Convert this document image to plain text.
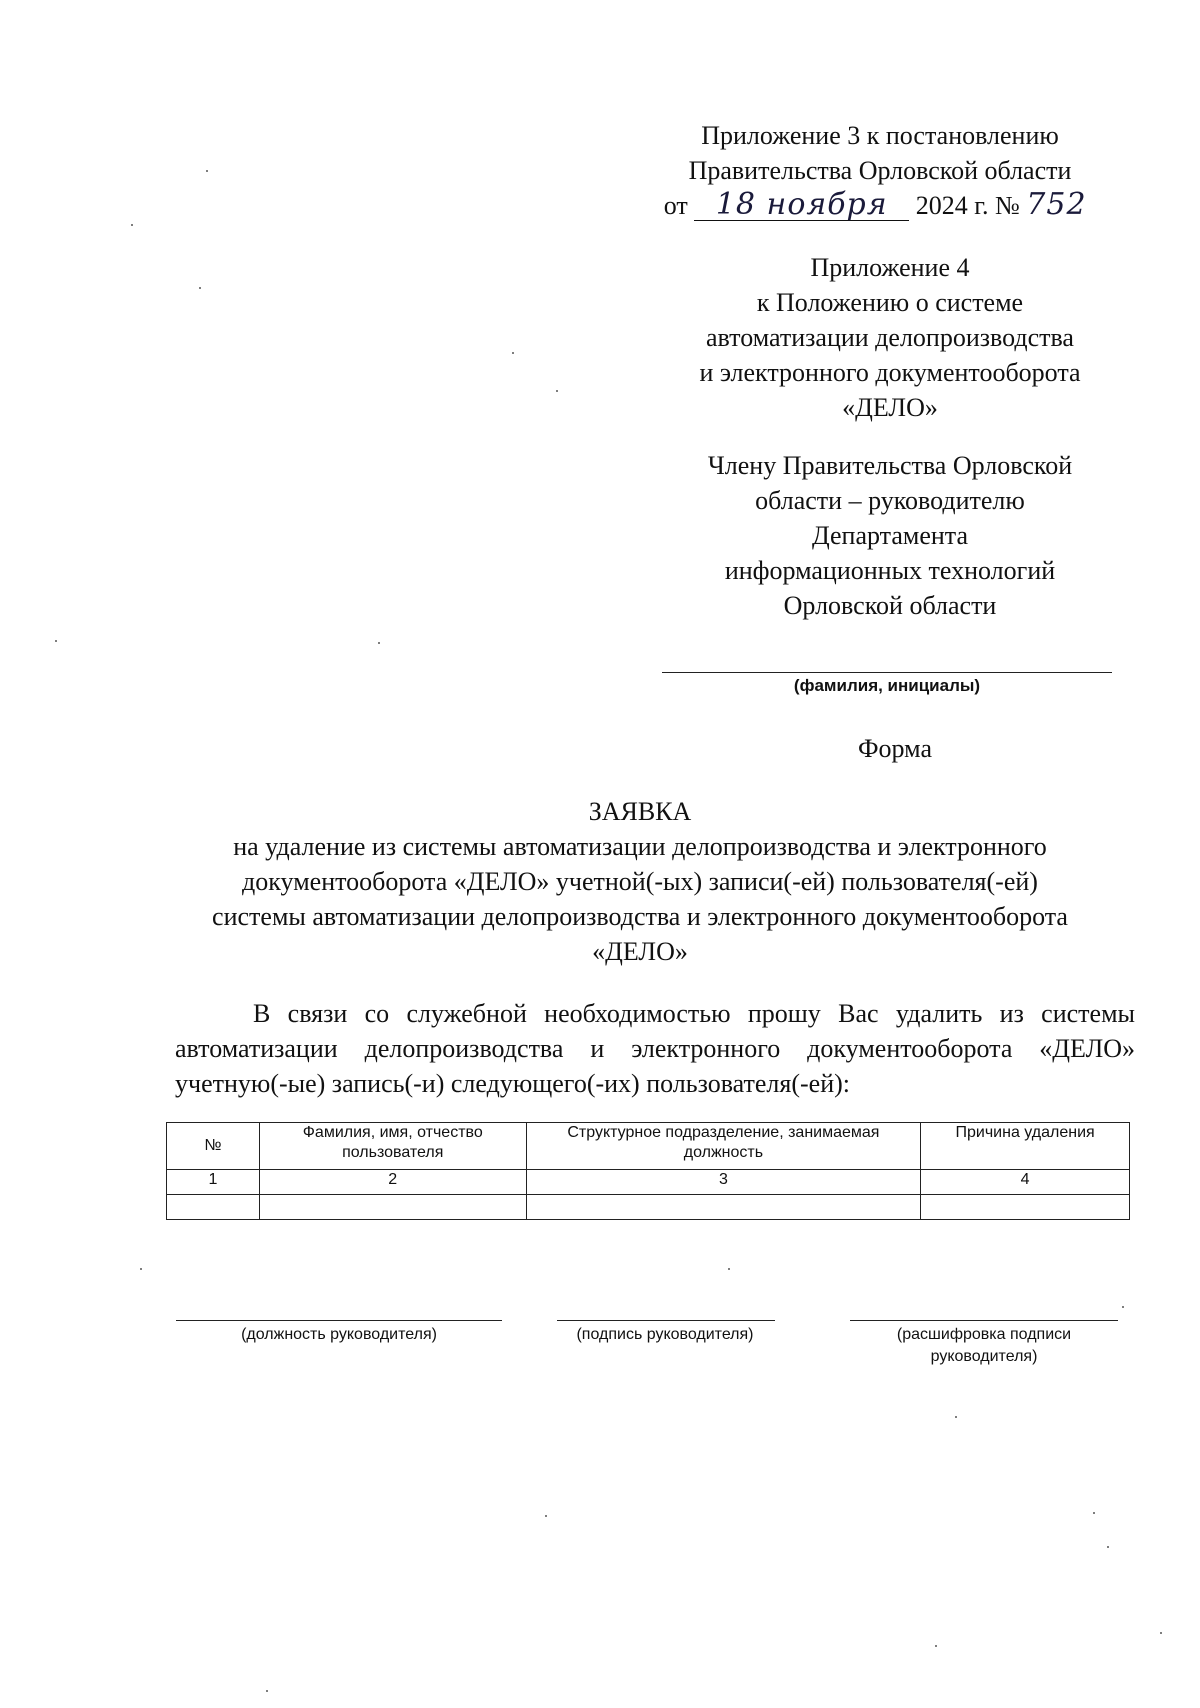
Приложение 3 к постановлению
Правительства Орловской области
от 18 ноября 2024 г. № 752
Приложение 4
к Положению о системе
автоматизации делопроизводства
и электронного документооборота
«ДЕЛО»
Члену Правительства Орловской
области – руководителю
Департамента
информационных технологий
Орловской области
(фамилия, инициалы)
Форма
ЗАЯВКА
на удаление из системы автоматизации делопроизводства и электронного
документооборота «ДЕЛО» учетной(-ых) записи(-ей) пользователя(-ей)
системы автоматизации делопроизводства и электронного документооборота
«ДЕЛО»

В связи со служебной необходимостью прошу Вас удалить из системы автоматизации делопроизводства и электронного документооборота «ДЕЛО» учетную(-ые) запись(-и) следующего(-их) пользователя(-ей):

№	Фамилия, имя, отчество пользователя	Структурное подразделение, занимаемая должность	Причина удаления
1	2	3	4

(должность руководителя)	(подпись руководителя)	(расшифровка подписи
руководителя)
